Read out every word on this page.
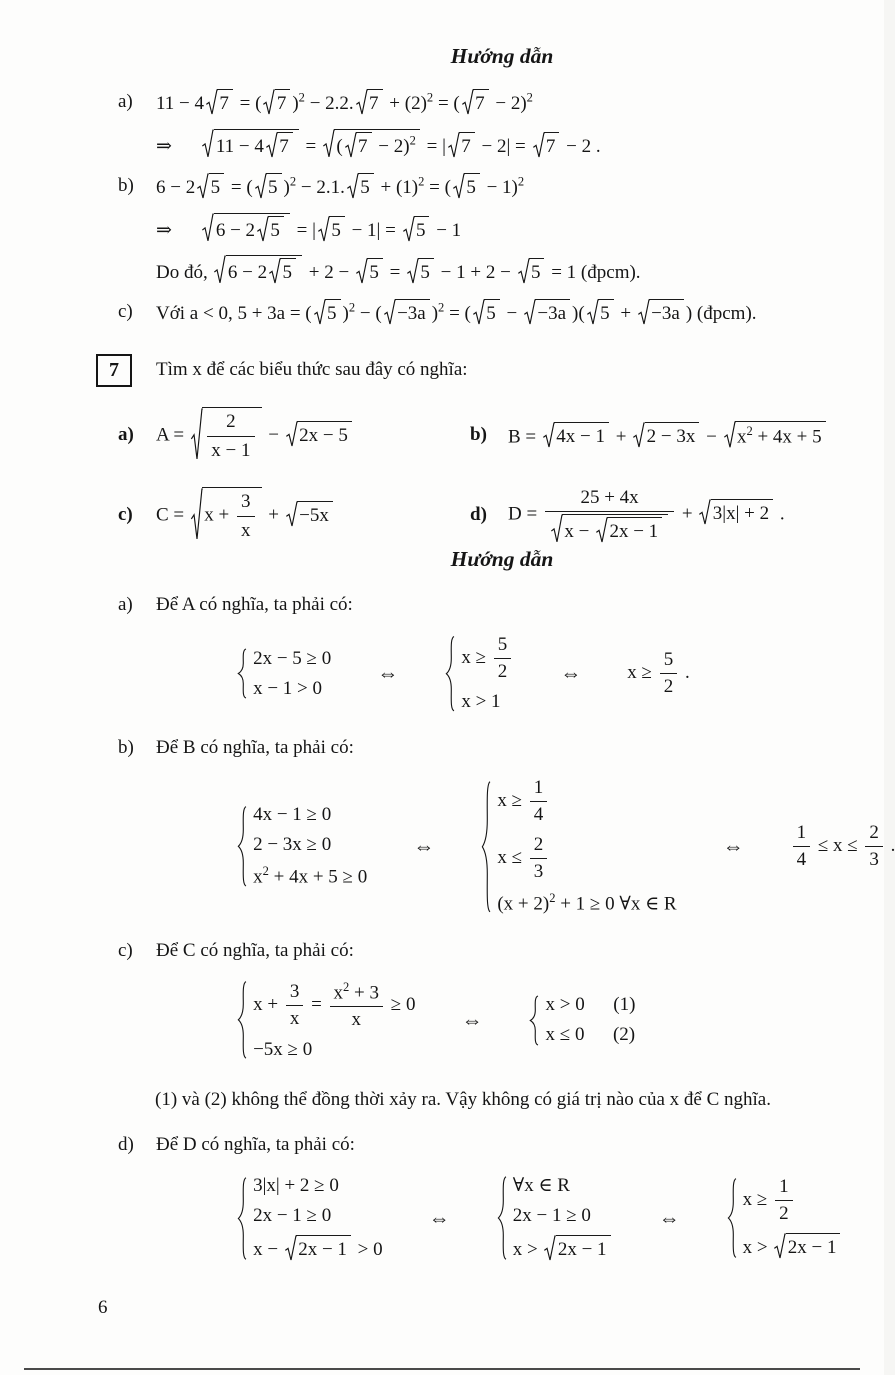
Hướng dẫn
a)	11 − 4 7 = ( 7 )$^2$ − 2.2. $7 + (2)^2$ = ( 7 − 2)$^2$
⇒  
11 − 4 7 =
( 7 − 2)$^2$ = | 7 − 2| =
7 − 2 .
b)	6 − 2 5 = ( 5 )$^2$ − 2.1. $5 + (1)^2$ = ( 5 − 1)$^2$
⇒  
6 − 2 5 = | 5 − 1| =
5 − 1
Do đó,
6 − 2 5 + 2 −
5 =
5 − 1 + 2 −
5 = 1 (đpcm).
c)	Với a < 0, 5 + 3a = ( 5 )$^2$ − ( −3a )$^2$ = ( 5 −
−3a )( 5 +
−3a ) (đpcm).
7	Tìm x để các biểu thức sau đây có nghĩa:
a)	$A = \frac{2}{x - 1}$ −
2x − 5	b)	B =
4x − 1 +
2 − 3x −
$x^2 + 4x + 5$
c)	C =
$x + \frac{3}{x}$ +
−5x	d)	D = 25 + 4x
x −
2x − 1 +
3|x| + 2 .
Hướng dẫn
a)	Để A có nghĩa, ta phải có:
2x − 5 ≥ 0
x − 1 > 0
⇔
$x \ge \frac{5}{2}$
x > 1
⇔ $x \ge \frac{5}{2}$ .
b)	Để B có nghĩa, ta phải có:
4x − 1 ≥ 0
2 − 3x ≥ 0
$x^2 + 4x + 5 \ge 0$
⇔
$x \ge \frac{1}{4}$
$x \le \frac{2}{3}$
$(x + 2)^2 + 1 \ge 0$ ∀x ∈ R
⇔	$\frac{1}{4} \le x \le \frac{2}{3}$ .
c)	Để C có nghĩa, ta phải có:
$x + \frac{3}{x} = \frac{x^2 + 3}{x} \ge 0$
−5x ≥ 0
⇔
x > 0  (1)
x ≤ 0  (2)
(1) và (2) không thể đồng thời xảy ra. Vậy không có giá trị nào của x để C nghĩa.
d)	Để D có nghĩa, ta phải có:
3|x| + 2 ≥ 0
2x − 1 ≥ 0
x −
2x − 1 > 0
⇔
∀x ∈ R
2x − 1 ≥ 0
x >
2x − 1
⇔
$x \ge \frac{1}{2}$
x >
2x − 1
6
